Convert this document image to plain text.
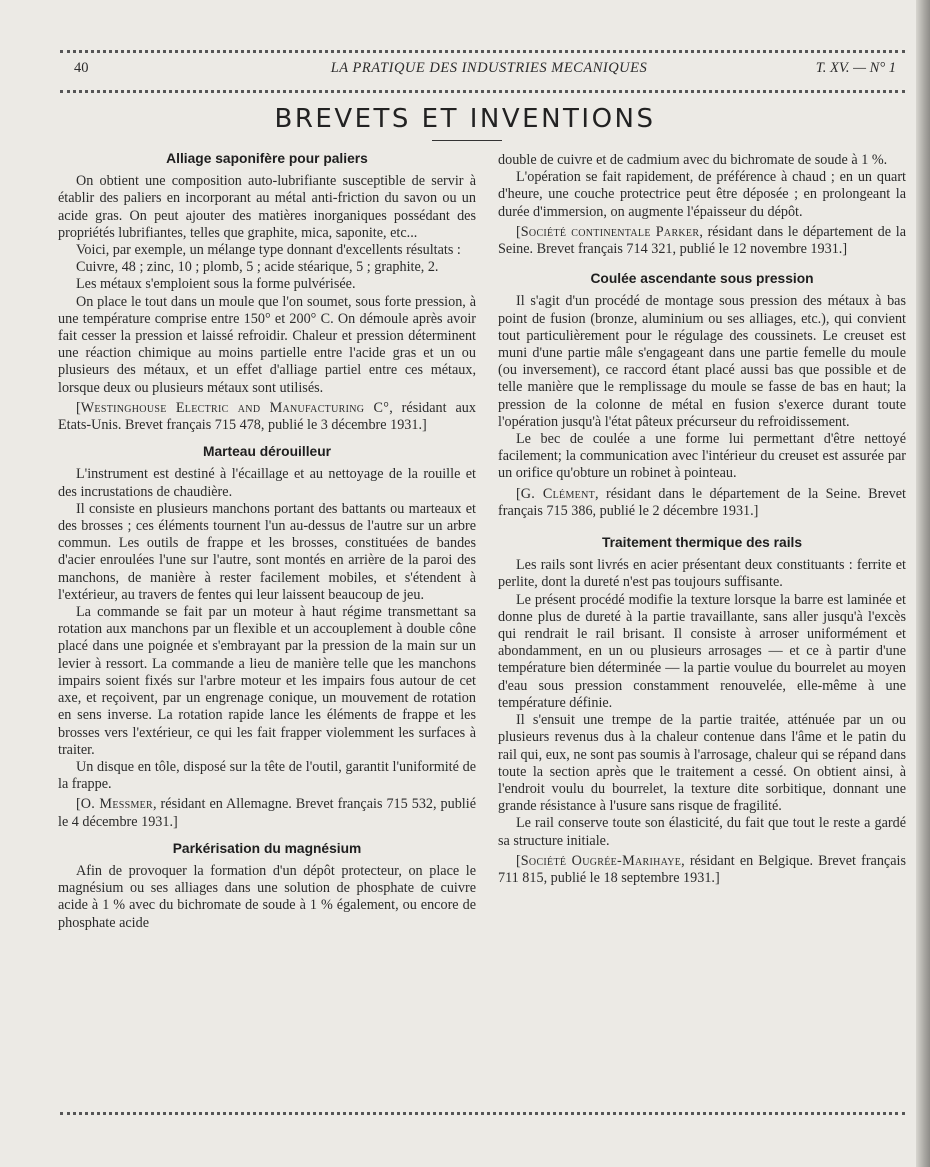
40	LA PRATIQUE DES INDUSTRIES MECANIQUES	T. XV. — N° 1
BREVETS ET INVENTIONS
Alliage saponifère pour paliers

On obtient une composition auto-lubrifiante susceptible de servir à établir des paliers en incorporant au métal anti-friction du savon ou un acide gras. On peut ajouter des matières inorganiques possédant des propriétés lubrifiantes, telles que graphite, mica, saponite, etc...

Voici, par exemple, un mélange type donnant d'excellents résultats :

Cuivre, 48 ; zinc, 10 ; plomb, 5 ; acide stéarique, 5 ; graphite, 2.

Les métaux s'emploient sous la forme pulvérisée.

On place le tout dans un moule que l'on soumet, sous forte pression, à une température comprise entre 150° et 200° C. On démoule après avoir fait cesser la pression et laissé refroidir. Chaleur et pression déterminent une réaction chimique au moins partielle entre l'acide gras et un ou plusieurs des métaux, et un effet d'alliage partiel entre ces métaux, lorsque deux ou plusieurs métaux sont utilisés.

[Westinghouse Electric and Manufacturing C°, résidant aux Etats-Unis. Brevet français 715 478, publié le 3 décembre 1931.]

Marteau dérouilleur

L'instrument est destiné à l'écaillage et au nettoyage de la rouille et des incrustations de chaudière.

Il consiste en plusieurs manchons portant des battants ou marteaux et des brosses ; ces éléments tournent l'un au-dessus de l'autre sur un arbre commun. Les outils de frappe et les brosses, constituées de bandes d'acier enroulées l'une sur l'autre, sont montés en arrière de la paroi des manchons, de manière à rester facilement mobiles, et s'étendent à l'extérieur, au travers de fentes qui leur laissent beaucoup de jeu.

La commande se fait par un moteur à haut régime transmettant sa rotation aux manchons par un flexible et un accouplement à double cône placé dans une poignée et s'embrayant par la pression de la main sur un levier à ressort. La commande a lieu de manière telle que les manchons impairs soient fixés sur l'arbre moteur et les impairs fous autour de cet axe, et reçoivent, par un engrenage conique, un mouvement de rotation en sens inverse. La rotation rapide lance les éléments de frappe et les brosses vers l'extérieur, ce qui les fait frapper violemment les surfaces à traiter.

Un disque en tôle, disposé sur la tête de l'outil, garantit l'uniformité de la frappe.

[O. Messmer, résidant en Allemagne. Brevet français 715 532, publié le 4 décembre 1931.]

Parkérisation du magnésium

Afin de provoquer la formation d'un dépôt protecteur, on place le magnésium ou ses alliages dans une solution de phosphate de cuivre acide à 1 % avec du bichromate de soude à 1 % également, ou encore de phosphate acide

double de cuivre et de cadmium avec du bichromate de soude à 1 %.

L'opération se fait rapidement, de préférence à chaud ; en un quart d'heure, une couche protectrice peut être déposée ; en prolongeant la durée d'immersion, on augmente l'épaisseur du dépôt.

[Société continentale Parker, résidant dans le département de la Seine. Brevet français 714 321, publié le 12 novembre 1931.]

Coulée ascendante sous pression

Il s'agit d'un procédé de montage sous pression des métaux à bas point de fusion (bronze, aluminium ou ses alliages, etc.), qui convient tout particulièrement pour le régulage des coussinets. Le creuset est muni d'une partie mâle s'engageant dans une partie femelle du moule (ou inversement), ce raccord étant placé aussi bas que possible et de telle manière que le remplissage du moule se fasse de bas en haut; la pression de la colonne de métal en fusion s'exerce durant toute l'opération jusqu'à l'état pâteux précurseur du refroidissement.

Le bec de coulée a une forme lui permettant d'être nettoyé facilement; la communication avec l'intérieur du creuset est assurée par un orifice qu'obture un robinet à pointeau.

[G. Clément, résidant dans le département de la Seine. Brevet français 715 386, publié le 2 décembre 1931.]

Traitement thermique des rails

Les rails sont livrés en acier présentant deux constituants : ferrite et perlite, dont la dureté n'est pas toujours suffisante.

Le présent procédé modifie la texture lorsque la barre est laminée et donne plus de dureté à la partie travaillante, sans aller jusqu'à l'excès qui rendrait le rail brisant. Il consiste à arroser uniformément et abondamment, en un ou plusieurs arrosages — et ce à partir d'une température bien déterminée — la partie voulue du bourrelet au moyen d'eau sous pression constamment renouvelée, elle-même à une température définie.

Il s'ensuit une trempe de la partie traitée, atténuée par un ou plusieurs revenus dus à la chaleur contenue dans l'âme et le patin du rail qui, eux, ne sont pas soumis à l'arrosage, chaleur qui se répand dans toute la section après que le traitement a cessé. On obtient ainsi, à l'endroit voulu du bourrelet, la texture dite sorbitique, donnant une grande résistance à l'usure sans risque de fragilité.

Le rail conserve toute son élasticité, du fait que tout le reste a gardé sa structure initiale.

[Société Ougrée-Marihaye, résidant en Belgique. Brevet français 711 815, publié le 18 septembre 1931.]
